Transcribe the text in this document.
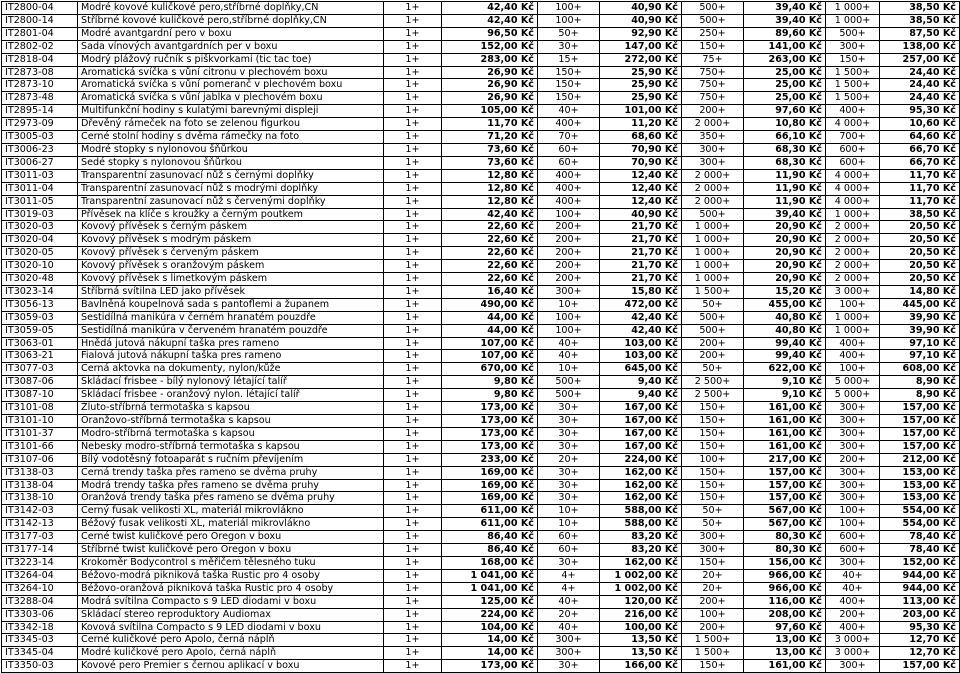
IT2800-04	Modré kovové kuličkové pero,stříbrné doplňky,ČN	1+	42,40 Kč	100+	40,90 Kč	500+	39,40 Kč	1 000+	38,50 Kč
IT2800-14	Stříbrné kovové kuličkové pero,stříbrné doplňky,ČN	1+	42,40 Kč	100+	40,90 Kč	500+	39,40 Kč	1 000+	38,50 Kč
IT2801-04	Modré avantgardní pero v boxu	1+	96,50 Kč	50+	92,90 Kč	250+	89,60 Kč	500+	87,50 Kč
IT2802-02	Sada vínových avantgardních per v boxu	1+	152,00 Kč	30+	147,00 Kč	150+	141,00 Kč	300+	138,00 Kč
IT2818-04	Modrý plážový ručník s piškvorkami (tic tac toe)	1+	283,00 Kč	15+	272,00 Kč	75+	263,00 Kč	150+	257,00 Kč
IT2873-08	Aromatická svíčka s vůní citronu v plechovém boxu	1+	26,90 Kč	150+	25,90 Kč	750+	25,00 Kč	1 500+	24,40 Kč
IT2873-10	Aromatická svíčka s vůní pomeranč v plechovém boxu	1+	26,90 Kč	150+	25,90 Kč	750+	25,00 Kč	1 500+	24,40 Kč
IT2873-48	Aromatická svíčka s vůní jablka v plechovém boxu	1+	26,90 Kč	150+	25,90 Kč	750+	25,00 Kč	1 500+	24,40 Kč
IT2895-14	Multifunkční hodiny s kulatými barevnými displeji	1+	105,00 Kč	40+	101,00 Kč	200+	97,60 Kč	400+	95,30 Kč
IT2973-09	Dřevěný rámeček na foto se zelenou figurkou	1+	11,70 Kč	400+	11,20 Kč	2 000+	10,80 Kč	4 000+	10,60 Kč
IT3005-03	Černé stolní hodiny s dvěma rámečky na foto	1+	71,20 Kč	70+	68,60 Kč	350+	66,10 Kč	700+	64,60 Kč
IT3006-23	Modré stopky s nylonovou šňůrkou	1+	73,60 Kč	60+	70,90 Kč	300+	68,30 Kč	600+	66,70 Kč
IT3006-27	Šedé stopky s nylonovou šňůrkou	1+	73,60 Kč	60+	70,90 Kč	300+	68,30 Kč	600+	66,70 Kč
IT3011-03	Transparentní zasunovací nůž s černými doplňky	1+	12,80 Kč	400+	12,40 Kč	2 000+	11,90 Kč	4 000+	11,70 Kč
IT3011-04	Transparentní zasunovací nůž s modrými doplňky	1+	12,80 Kč	400+	12,40 Kč	2 000+	11,90 Kč	4 000+	11,70 Kč
IT3011-05	Transparentní zasunovací nůž s červenými doplňky	1+	12,80 Kč	400+	12,40 Kč	2 000+	11,90 Kč	4 000+	11,70 Kč
IT3019-03	Přívěsek na klíče s kroužky a černým poutkem	1+	42,40 Kč	100+	40,90 Kč	500+	39,40 Kč	1 000+	38,50 Kč
IT3020-03	Kovový přívěsek s černým páskem	1+	22,60 Kč	200+	21,70 Kč	1 000+	20,90 Kč	2 000+	20,50 Kč
IT3020-04	Kovový přívěsek s modrým páskem	1+	22,60 Kč	200+	21,70 Kč	1 000+	20,90 Kč	2 000+	20,50 Kč
IT3020-05	Kovový přívěsek s červeným páskem	1+	22,60 Kč	200+	21,70 Kč	1 000+	20,90 Kč	2 000+	20,50 Kč
IT3020-10	Kovový přívěsek s oranžovým páskem	1+	22,60 Kč	200+	21,70 Kč	1 000+	20,90 Kč	2 000+	20,50 Kč
IT3020-48	Kovový přívěsek s limetkovým páskem	1+	22,60 Kč	200+	21,70 Kč	1 000+	20,90 Kč	2 000+	20,50 Kč
IT3023-14	Stříbrná svítilna LED jako přívěsek	1+	16,40 Kč	300+	15,80 Kč	1 500+	15,20 Kč	3 000+	14,80 Kč
IT3056-13	Bavlněná koupelnová sada s pantoflemi a županem	1+	490,00 Kč	10+	472,00 Kč	50+	455,00 Kč	100+	445,00 Kč
IT3059-03	Šestidílná manikúra v černém hranatém pouzdře	1+	44,00 Kč	100+	42,40 Kč	500+	40,80 Kč	1 000+	39,90 Kč
IT3059-05	Šestidílná manikúra v červeném hranatém pouzdře	1+	44,00 Kč	100+	42,40 Kč	500+	40,80 Kč	1 000+	39,90 Kč
IT3063-01	Hnědá jutová nákupní taška pres rameno	1+	107,00 Kč	40+	103,00 Kč	200+	99,40 Kč	400+	97,10 Kč
IT3063-21	Fialová jutová nákupní taška pres rameno	1+	107,00 Kč	40+	103,00 Kč	200+	99,40 Kč	400+	97,10 Kč
IT3077-03	Černá aktovka na dokumenty, nylon/kůže	1+	670,00 Kč	10+	645,00 Kč	50+	622,00 Kč	100+	608,00 Kč
IT3087-06	Skládací frisbee - bílý nylonový létající talíř	1+	9,80 Kč	500+	9,40 Kč	2 500+	9,10 Kč	5 000+	8,90 Kč
IT3087-10	Skládací frisbee - oranžový nylon. létající talíř	1+	9,80 Kč	500+	9,40 Kč	2 500+	9,10 Kč	5 000+	8,90 Kč
IT3101-08	Žluto-stříbrná termotaška s kapsou	1+	173,00 Kč	30+	167,00 Kč	150+	161,00 Kč	300+	157,00 Kč
IT3101-10	Oranžovo-stříbrná termotaška s kapsou	1+	173,00 Kč	30+	167,00 Kč	150+	161,00 Kč	300+	157,00 Kč
IT3101-37	Modro-stříbrná termotaška s kapsou	1+	173,00 Kč	30+	167,00 Kč	150+	161,00 Kč	300+	157,00 Kč
IT3101-66	Nebesky modro-stříbrná termotaška s kapsou	1+	173,00 Kč	30+	167,00 Kč	150+	161,00 Kč	300+	157,00 Kč
IT3107-06	Bílý vodotěsný fotoaparát s ručním převíjením	1+	233,00 Kč	20+	224,00 Kč	100+	217,00 Kč	200+	212,00 Kč
IT3138-03	Černá trendy taška přes rameno se dvěma pruhy	1+	169,00 Kč	30+	162,00 Kč	150+	157,00 Kč	300+	153,00 Kč
IT3138-04	Modrá trendy taška přes rameno se dvěma pruhy	1+	169,00 Kč	30+	162,00 Kč	150+	157,00 Kč	300+	153,00 Kč
IT3138-10	Oranžová trendy taška přes rameno se dvěma pruhy	1+	169,00 Kč	30+	162,00 Kč	150+	157,00 Kč	300+	153,00 Kč
IT3142-03	Černý fusak velikosti XL, materiál mikrovlákno	1+	611,00 Kč	10+	588,00 Kč	50+	567,00 Kč	100+	554,00 Kč
IT3142-13	Béžový fusak velikosti XL, materiál mikrovlákno	1+	611,00 Kč	10+	588,00 Kč	50+	567,00 Kč	100+	554,00 Kč
IT3177-03	Černé twist kuličkové pero Oregon v boxu	1+	86,40 Kč	60+	83,20 Kč	300+	80,30 Kč	600+	78,40 Kč
IT3177-14	Stříbrné twist kuličkové pero Oregon v boxu	1+	86,40 Kč	60+	83,20 Kč	300+	80,30 Kč	600+	78,40 Kč
IT3223-14	Krokoměr Bodycontrol s měřičem tělesného tuku	1+	168,00 Kč	30+	162,00 Kč	150+	156,00 Kč	300+	152,00 Kč
IT3264-04	Béžovo-modrá pikniková taška Rustic pro 4 osoby	1+	1 041,00 Kč	4+	1 002,00 Kč	20+	966,00 Kč	40+	944,00 Kč
IT3264-10	Béžovo-oranžová pikniková taška Rustic pro 4 osoby	1+	1 041,00 Kč	4+	1 002,00 Kč	20+	966,00 Kč	40+	944,00 Kč
IT3288-04	Modrá svítilna Compacto s 9 LED diodami v boxu	1+	125,00 Kč	40+	120,00 Kč	200+	116,00 Kč	400+	113,00 Kč
IT3303-06	Skládací stereo reproduktory Audiomax	1+	224,00 Kč	20+	216,00 Kč	100+	208,00 Kč	200+	203,00 Kč
IT3342-18	Kovová svítilna Compacto s 9 LED diodami v boxu	1+	104,00 Kč	40+	100,00 Kč	200+	97,60 Kč	400+	95,30 Kč
IT3345-03	Černé kuličkové pero Apolo, černá náplň	1+	14,00 Kč	300+	13,50 Kč	1 500+	13,00 Kč	3 000+	12,70 Kč
IT3345-04	Modré kuličkové pero Apolo, černá náplň	1+	14,00 Kč	300+	13,50 Kč	1 500+	13,00 Kč	3 000+	12,70 Kč
IT3350-03	Kovové pero Premier s černou aplikací v boxu	1+	173,00 Kč	30+	166,00 Kč	150+	161,00 Kč	300+	157,00 Kč
